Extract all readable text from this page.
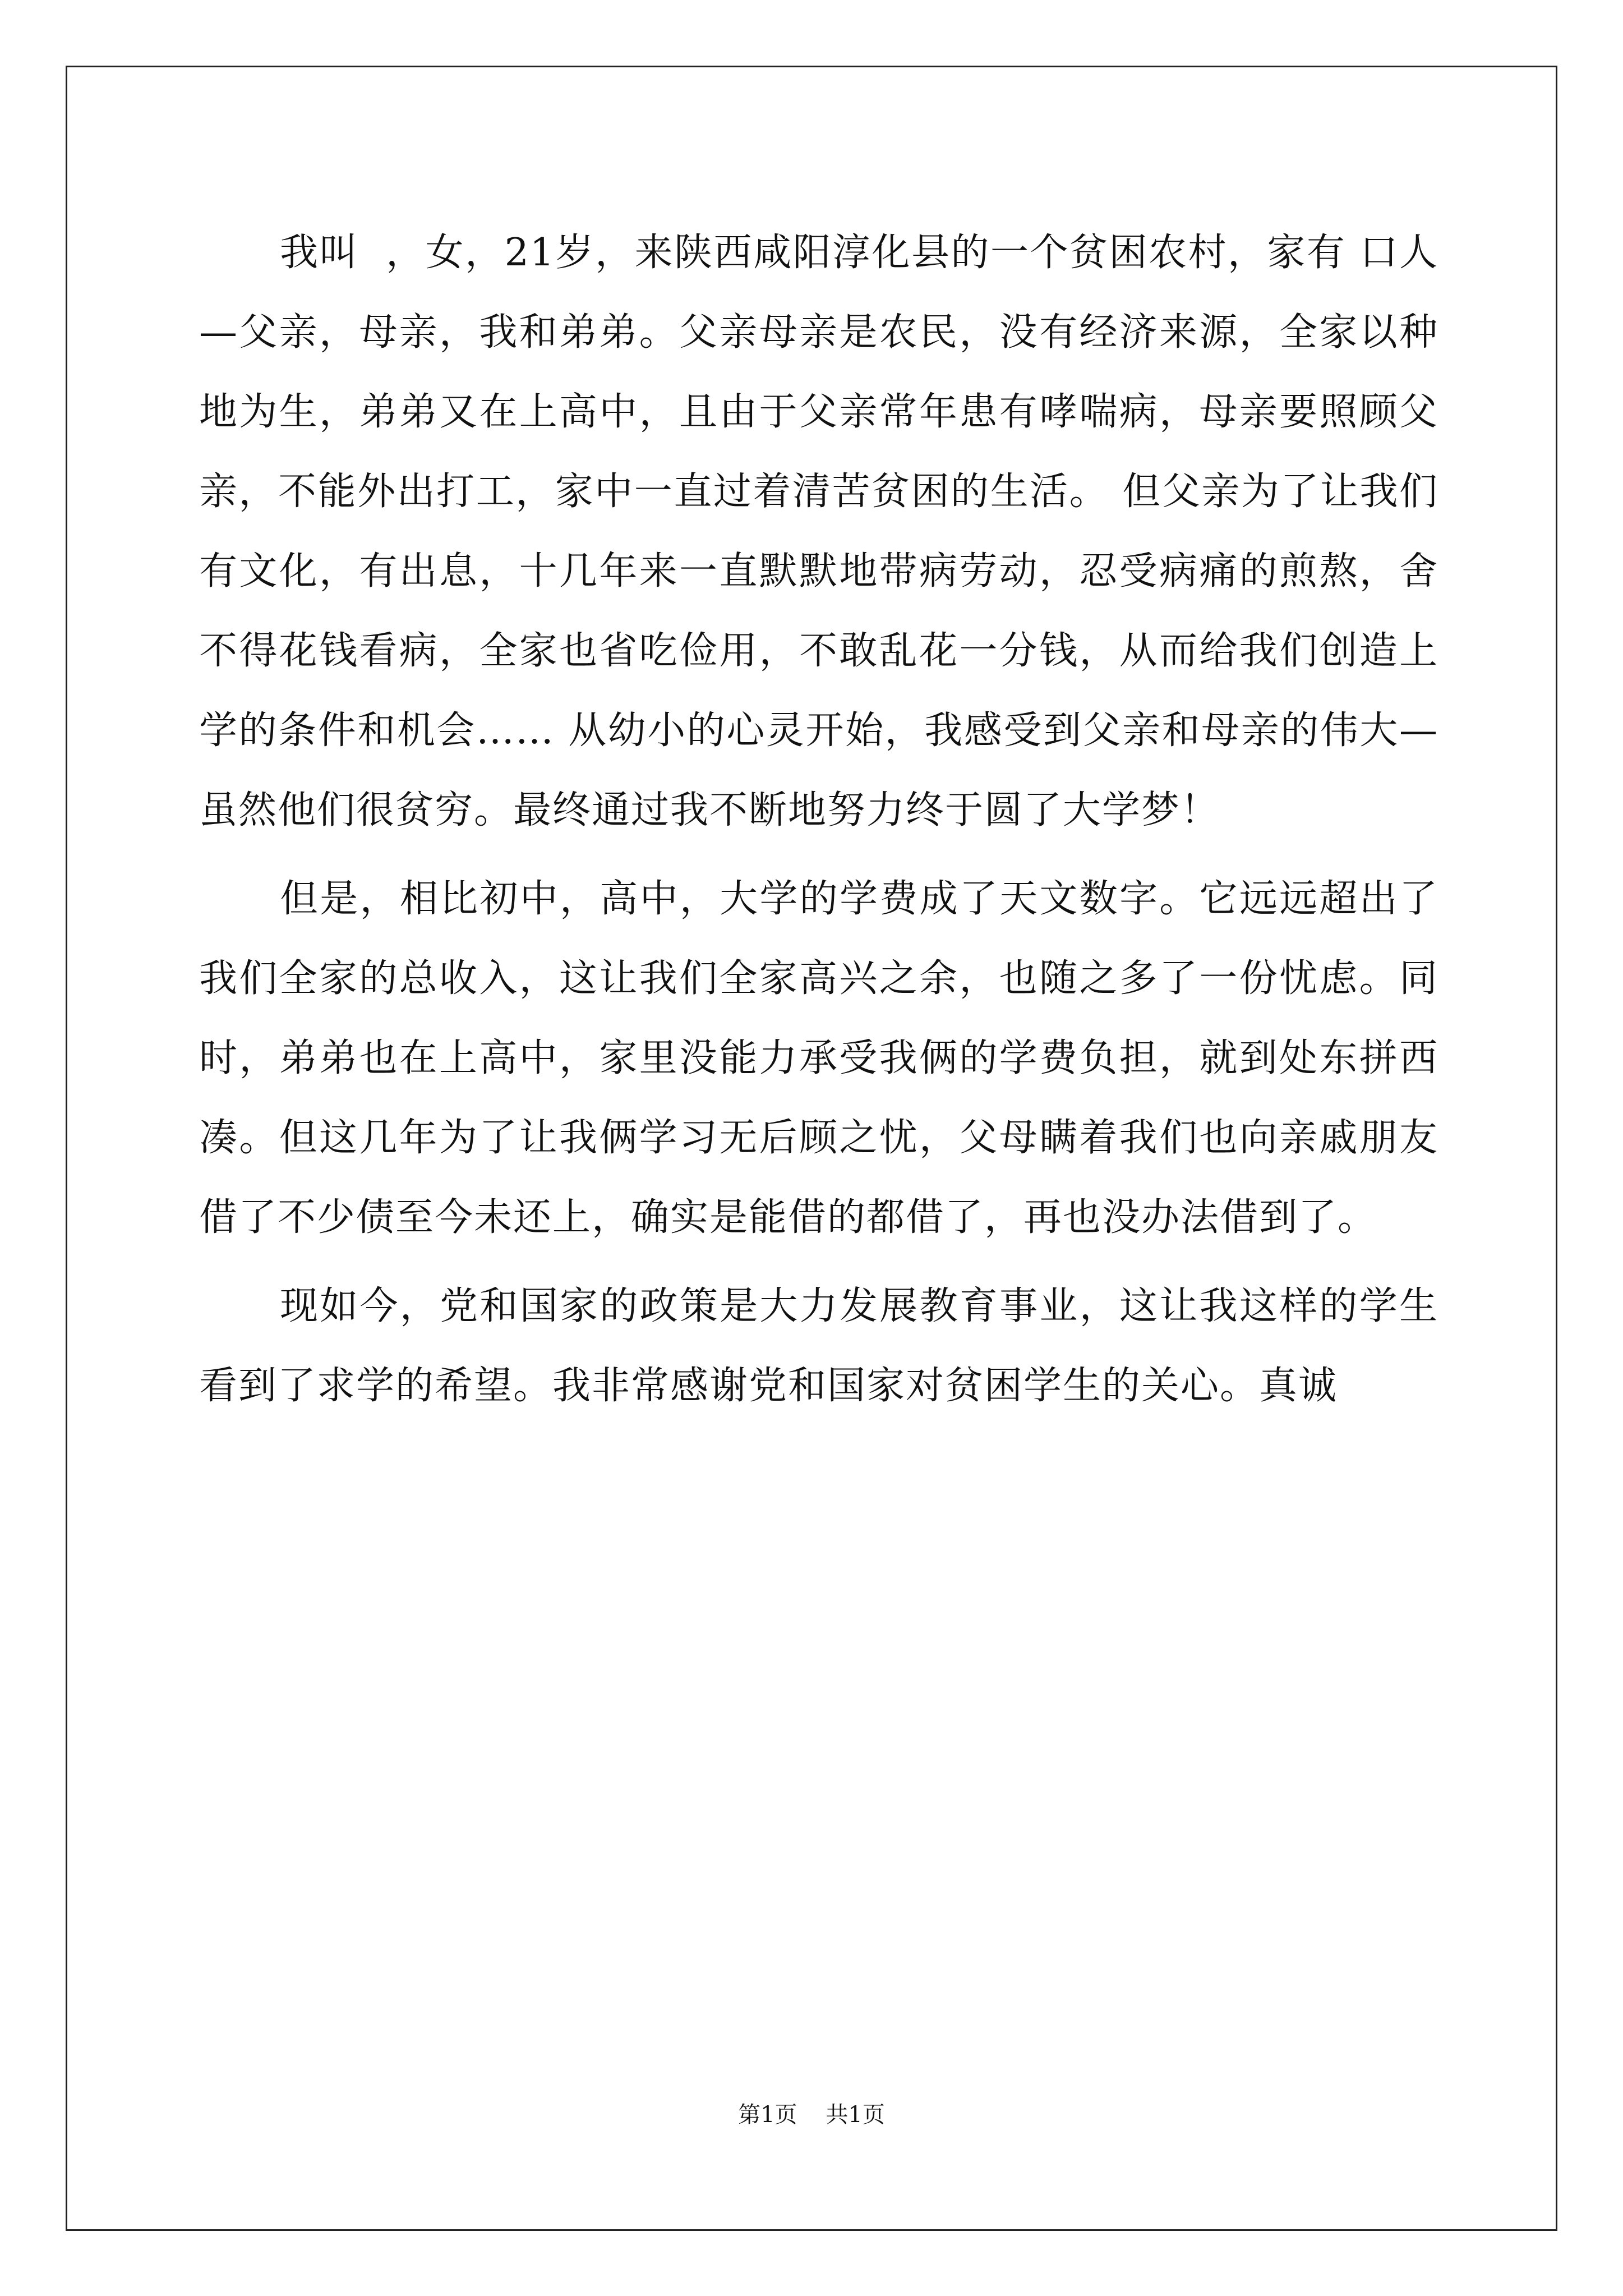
我叫  ，女，21岁，来陕西咸阳淳化县的一个贫困农村，家有 口人—父亲，母亲，我和弟弟。父亲母亲是农民，没有经济来源，全家以种地为生，弟弟又在上高中，且由于父亲常年患有哮喘病，母亲要照顾父亲，不能外出打工，家中一直过着清苦贫困的生活。 但父亲为了让我们有文化，有出息，十几年来一直默默地带病劳动，忍受病痛的煎熬，舍不得花钱看病，全家也省吃俭用，不敢乱花一分钱，从而给我们创造上学的条件和机会…… 从幼小的心灵开始，我感受到父亲和母亲的伟大—虽然他们很贫穷。最终通过我不断地努力终于圆了大学梦！

但是，相比初中，高中，大学的学费成了天文数字。它远远超出了我们全家的总收入，这让我们全家高兴之余，也随之多了一份忧虑。同时，弟弟也在上高中，家里没能力承受我俩的学费负担，就到处东拼西凑。但这几年为了让我俩学习无后顾之忧，父母瞒着我们也向亲戚朋友借了不少债至今未还上，确实是能借的都借了，再也没办法借到了。

现如今，党和国家的政策是大力发展教育事业，这让我这样的学生看到了求学的希望。我非常感谢党和国家对贫困学生的关心。真诚

第1页 共1页
